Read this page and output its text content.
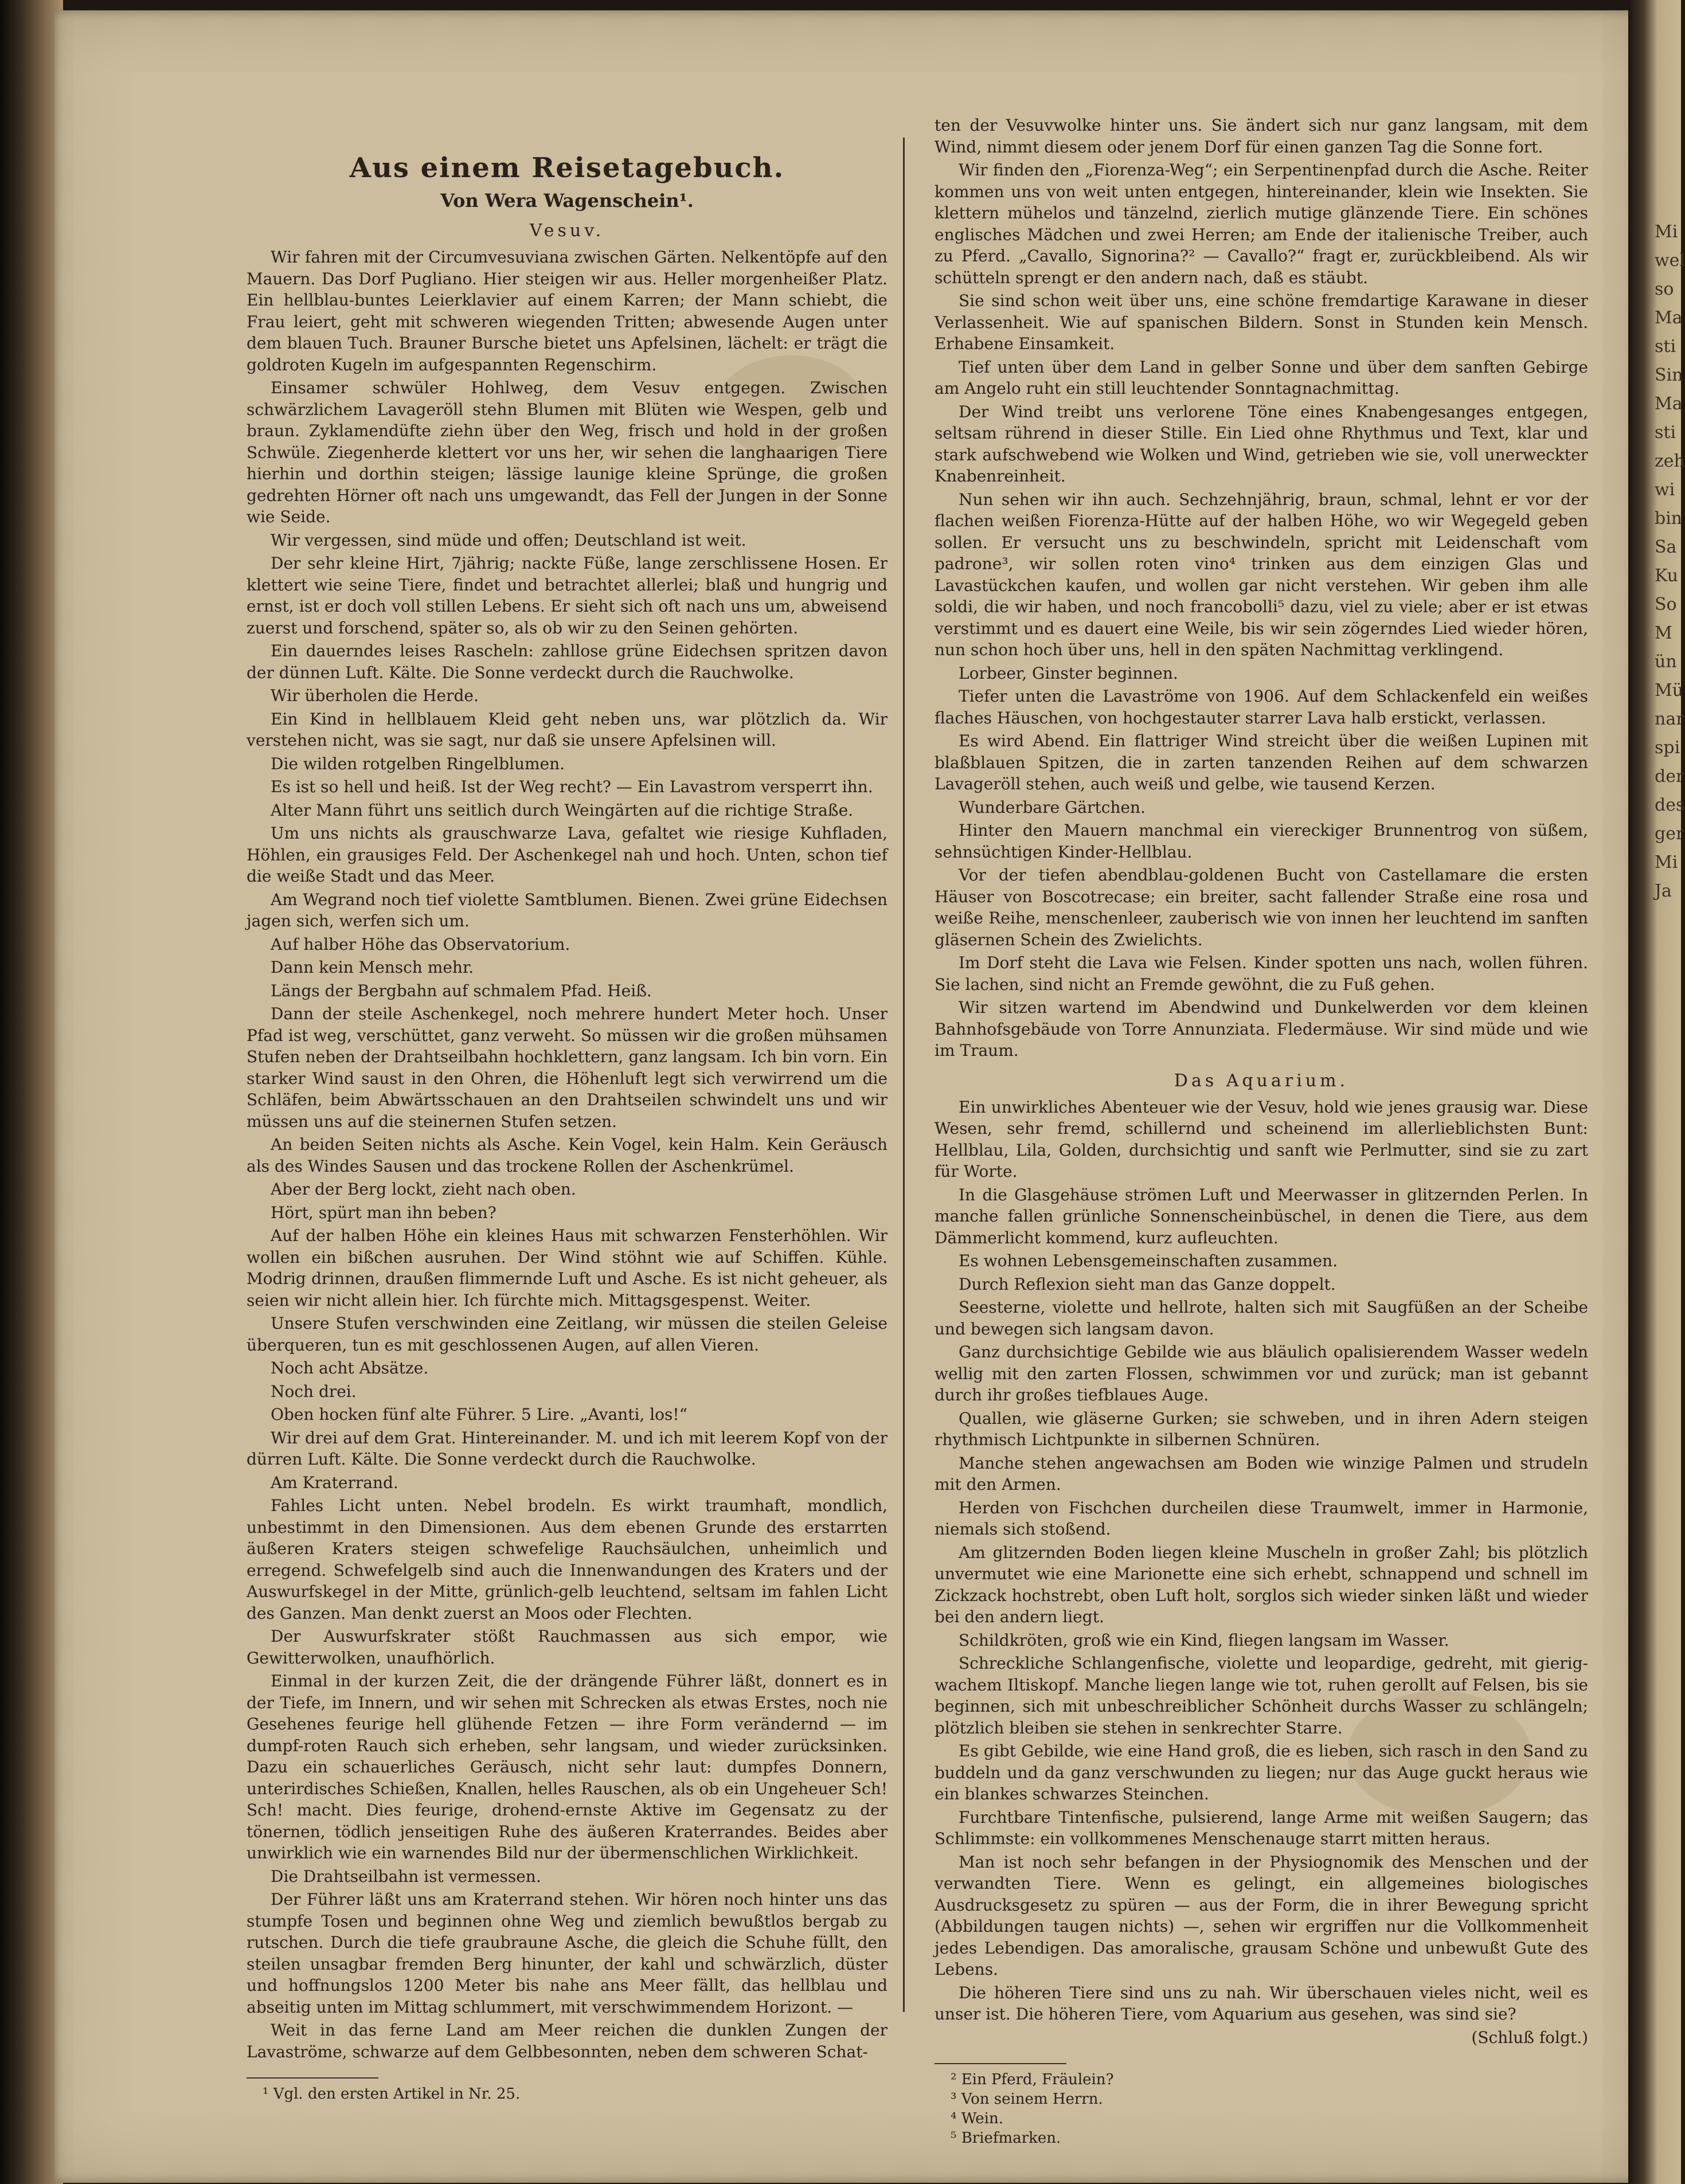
Mi
wel
so
Ma
sti
Sin
Ma
sti
zeh
wi
bin
Sa
Ku
So
M
ün
Mü
nar
spi
der
des
ger
Mi
Ja
Aus einem Reisetagebuch.
Von Wera Wagenschein¹.
Vesuv.

Wir fahren mit der Circumvesuviana zwischen Gärten. Nelkentöpfe auf den Mauern. Das Dorf Pugliano. Hier steigen wir aus. Heller morgenheißer Platz. Ein hellblau-buntes Leierklavier auf einem Karren; der Mann schiebt, die Frau leiert, geht mit schweren wiegenden Tritten; abwesende Augen unter dem blauen Tuch. Brauner Bursche bietet uns Apfelsinen, lächelt: er trägt die goldroten Kugeln im aufgespannten Regenschirm.

Einsamer schwüler Hohlweg, dem Vesuv entgegen. Zwischen schwärzlichem Lavageröll stehn Blumen mit Blüten wie Wespen, gelb und braun. Zyklamendüfte ziehn über den Weg, frisch und hold in der großen Schwüle. Ziegenherde klettert vor uns her, wir sehen die langhaarigen Tiere hierhin und dorthin steigen; lässige launige kleine Sprünge, die großen gedrehten Hörner oft nach uns umgewandt, das Fell der Jungen in der Sonne wie Seide.

Wir vergessen, sind müde und offen; Deutschland ist weit.

Der sehr kleine Hirt, 7jährig; nackte Füße, lange zerschlissene Hosen. Er klettert wie seine Tiere, findet und betrachtet allerlei; blaß und hungrig und ernst, ist er doch voll stillen Lebens. Er sieht sich oft nach uns um, abweisend zuerst und forschend, später so, als ob wir zu den Seinen gehörten.

Ein dauerndes leises Rascheln: zahllose grüne Eidechsen spritzen davon der dünnen Luft. Kälte. Die Sonne verdeckt durch die Rauchwolke.

Wir überholen die Herde.

Ein Kind in hellblauem Kleid geht neben uns, war plötzlich da. Wir verstehen nicht, was sie sagt, nur daß sie unsere Apfelsinen will.

Die wilden rotgelben Ringelblumen.

Es ist so hell und heiß. Ist der Weg recht? — Ein Lavastrom versperrt ihn.

Alter Mann führt uns seitlich durch Weingärten auf die richtige Straße.

Um uns nichts als grauschwarze Lava, gefaltet wie riesige Kuhfladen, Höhlen, ein grausiges Feld. Der Aschenkegel nah und hoch. Unten, schon tief die weiße Stadt und das Meer.

Am Wegrand noch tief violette Samtblumen. Bienen. Zwei grüne Eidechsen jagen sich, werfen sich um.

Auf halber Höhe das Observatorium.

Dann kein Mensch mehr.

Längs der Bergbahn auf schmalem Pfad. Heiß.

Dann der steile Aschenkegel, noch mehrere hundert Meter hoch. Unser Pfad ist weg, verschüttet, ganz verweht. So müssen wir die großen mühsamen Stufen neben der Drahtseilbahn hochklettern, ganz langsam. Ich bin vorn. Ein starker Wind saust in den Ohren, die Höhenluft legt sich verwirrend um die Schläfen, beim Abwärtsschauen an den Drahtseilen schwindelt uns und wir müssen uns auf die steinernen Stufen setzen.

An beiden Seiten nichts als Asche. Kein Vogel, kein Halm. Kein Geräusch als des Windes Sausen und das trockene Rollen der Aschenkrümel.

Aber der Berg lockt, zieht nach oben.

Hört, spürt man ihn beben?

Auf der halben Höhe ein kleines Haus mit schwarzen Fensterhöhlen. Wir wollen ein bißchen ausruhen. Der Wind stöhnt wie auf Schiffen. Kühle. Modrig drinnen, draußen flimmernde Luft und Asche. Es ist nicht geheuer, als seien wir nicht allein hier. Ich fürchte mich. Mittagsgespenst. Weiter.

Unsere Stufen verschwinden eine Zeitlang, wir müssen die steilen Geleise überqueren, tun es mit geschlossenen Augen, auf allen Vieren.

Noch acht Absätze.

Noch drei.

Oben hocken fünf alte Führer. 5 Lire. „Avanti, los!“

Wir drei auf dem Grat. Hintereinander. M. und ich mit leerem Kopf von der dürren Luft. Kälte. Die Sonne verdeckt durch die Rauchwolke.

Am Kraterrand.

Fahles Licht unten. Nebel brodeln. Es wirkt traumhaft, mondlich, unbestimmt in den Dimensionen. Aus dem ebenen Grunde des erstarrten äußeren Kraters steigen schwefelige Rauchsäulchen, unheimlich und erregend. Schwefelgelb sind auch die Innenwandungen des Kraters und der Auswurfskegel in der Mitte, grünlich-gelb leuchtend, seltsam im fahlen Licht des Ganzen. Man denkt zuerst an Moos oder Flechten.

Der Auswurfskrater stößt Rauchmassen aus sich empor, wie Gewitterwolken, unaufhörlich.

Einmal in der kurzen Zeit, die der drängende Führer läßt, donnert es in der Tiefe, im Innern, und wir sehen mit Schrecken als etwas Erstes, noch nie Gesehenes feurige hell glühende Fetzen — ihre Form verändernd — im dumpf-roten Rauch sich erheben, sehr langsam, und wieder zurücksinken. Dazu ein schauerliches Geräusch, nicht sehr laut: dumpfes Donnern, unterirdisches Schießen, Knallen, helles Rauschen, als ob ein Ungeheuer Sch! Sch! macht. Dies feurige, drohend-ernste Aktive im Gegensatz zu der tönernen, tödlich jenseitigen Ruhe des äußeren Kraterrandes. Beides aber unwirklich wie ein warnendes Bild nur der übermenschlichen Wirklichkeit.

Die Drahtseilbahn ist vermessen.

Der Führer läßt uns am Kraterrand stehen. Wir hören noch hinter uns das stumpfe Tosen und beginnen ohne Weg und ziemlich bewußtlos bergab zu rutschen. Durch die tiefe graubraune Asche, die gleich die Schuhe füllt, den steilen unsagbar fremden Berg hinunter, der kahl und schwärzlich, düster und hoffnungslos 1200 Meter bis nahe ans Meer fällt, das hellblau und abseitig unten im Mittag schlummert, mit verschwimmendem Horizont. —

Weit in das ferne Land am Meer reichen die dunklen Zungen der Lavaströme, schwarze auf dem Gelbbesonnten, neben dem schweren Schat-

¹ Vgl. den ersten Artikel in Nr. 25.

ten der Vesuvwolke hinter uns. Sie ändert sich nur ganz langsam, mit dem Wind, nimmt diesem oder jenem Dorf für einen ganzen Tag die Sonne fort.

Wir finden den „Fiorenza-Weg“; ein Serpentinenpfad durch die Asche. Reiter kommen uns von weit unten entgegen, hintereinander, klein wie Insekten. Sie klettern mühelos und tänzelnd, zierlich mutige glänzende Tiere. Ein schönes englisches Mädchen und zwei Herren; am Ende der italienische Treiber, auch zu Pferd. „Cavallo, Signorina?² — Cavallo?“ fragt er, zurückbleibend. Als wir schütteln sprengt er den andern nach, daß es stäubt.

Sie sind schon weit über uns, eine schöne fremdartige Karawane in dieser Verlassenheit. Wie auf spanischen Bildern. Sonst in Stunden kein Mensch. Erhabene Einsamkeit.

Tief unten über dem Land in gelber Sonne und über dem sanften Gebirge am Angelo ruht ein still leuchtender Sonntagnachmittag.

Der Wind treibt uns verlorene Töne eines Knabengesanges entgegen, seltsam rührend in dieser Stille. Ein Lied ohne Rhythmus und Text, klar und stark aufschwebend wie Wolken und Wind, getrieben wie sie, voll unerweckter Knabenreinheit.

Nun sehen wir ihn auch. Sechzehnjährig, braun, schmal, lehnt er vor der flachen weißen Fiorenza-Hütte auf der halben Höhe, wo wir Wegegeld geben sollen. Er versucht uns zu beschwindeln, spricht mit Leidenschaft vom padrone³, wir sollen roten vino⁴ trinken aus dem einzigen Glas und Lavastückchen kaufen, und wollen gar nicht verstehen. Wir geben ihm alle soldi, die wir haben, und noch francobolli⁵ dazu, viel zu viele; aber er ist etwas verstimmt und es dauert eine Weile, bis wir sein zögerndes Lied wieder hören, nun schon hoch über uns, hell in den späten Nachmittag verklingend.

Lorbeer, Ginster beginnen.

Tiefer unten die Lavaströme von 1906. Auf dem Schlackenfeld ein weißes flaches Häuschen, von hochgestauter starrer Lava halb erstickt, verlassen.

Es wird Abend. Ein flattriger Wind streicht über die weißen Lupinen mit blaßblauen Spitzen, die in zarten tanzenden Reihen auf dem schwarzen Lavageröll stehen, auch weiß und gelbe, wie tausend Kerzen.

Wunderbare Gärtchen.

Hinter den Mauern manchmal ein viereckiger Brunnentrog von süßem, sehnsüchtigen Kinder-Hellblau.

Vor der tiefen abendblau-goldenen Bucht von Castellamare die ersten Häuser von Boscotrecase; ein breiter, sacht fallender Straße eine rosa und weiße Reihe, menschenleer, zauberisch wie von innen her leuchtend im sanften gläsernen Schein des Zwielichts.

Im Dorf steht die Lava wie Felsen. Kinder spotten uns nach, wollen führen. Sie lachen, sind nicht an Fremde gewöhnt, die zu Fuß gehen.

Wir sitzen wartend im Abendwind und Dunkelwerden vor dem kleinen Bahnhofsgebäude von Torre Annunziata. Fledermäuse. Wir sind müde und wie im Traum.

Das Aquarium.

Ein unwirkliches Abenteuer wie der Vesuv, hold wie jenes grausig war. Diese Wesen, sehr fremd, schillernd und scheinend im allerlieblichsten Bunt: Hellblau, Lila, Golden, durchsichtig und sanft wie Perlmutter, sind sie zu zart für Worte.

In die Glasgehäuse strömen Luft und Meerwasser in glitzernden Perlen. In manche fallen grünliche Sonnenscheinbüschel, in denen die Tiere, aus dem Dämmerlicht kommend, kurz aufleuchten.

Es wohnen Lebensgemeinschaften zusammen.

Durch Reflexion sieht man das Ganze doppelt.

Seesterne, violette und hellrote, halten sich mit Saugfüßen an der Scheibe und bewegen sich langsam davon.

Ganz durchsichtige Gebilde wie aus bläulich opalisierendem Wasser wedeln wellig mit den zarten Flossen, schwimmen vor und zurück; man ist gebannt durch ihr großes tiefblaues Auge.

Quallen, wie gläserne Gurken; sie schweben, und in ihren Adern steigen rhythmisch Lichtpunkte in silbernen Schnüren.

Manche stehen angewachsen am Boden wie winzige Palmen und strudeln mit den Armen.

Herden von Fischchen durcheilen diese Traumwelt, immer in Harmonie, niemals sich stoßend.

Am glitzernden Boden liegen kleine Muscheln in großer Zahl; bis plötzlich unvermutet wie eine Marionette eine sich erhebt, schnappend und schnell im Zickzack hochstrebt, oben Luft holt, sorglos sich wieder sinken läßt und wieder bei den andern liegt.

Schildkröten, groß wie ein Kind, fliegen langsam im Wasser.

Schreckliche Schlangenfische, violette und leopardige, gedreht, mit gierig-wachem Iltiskopf. Manche liegen lange wie tot, ruhen gerollt auf Felsen, bis sie beginnen, sich mit unbeschreiblicher Schönheit durchs Wasser zu schlängeln; plötzlich bleiben sie stehen in senkrechter Starre.

Es gibt Gebilde, wie eine Hand groß, die es lieben, sich rasch in den Sand zu buddeln und da ganz verschwunden zu liegen; nur das Auge guckt heraus wie ein blankes schwarzes Steinchen.

Furchtbare Tintenfische, pulsierend, lange Arme mit weißen Saugern; das Schlimmste: ein vollkommenes Menschenauge starrt mitten heraus.

Man ist noch sehr befangen in der Physiognomik des Menschen und der verwandten Tiere. Wenn es gelingt, ein allgemeines biologisches Ausdrucksgesetz zu spüren — aus der Form, die in ihrer Bewegung spricht (Abbildungen taugen nichts) —, sehen wir ergriffen nur die Vollkommenheit jedes Lebendigen. Das amoralische, grausam Schöne und unbewußt Gute des Lebens.

Die höheren Tiere sind uns zu nah. Wir überschauen vieles nicht, weil es unser ist. Die höheren Tiere, vom Aquarium aus gesehen, was sind sie?

(Schluß folgt.)

² Ein Pferd, Fräulein?

³ Von seinem Herrn.

⁴ Wein.

⁵ Briefmarken.
